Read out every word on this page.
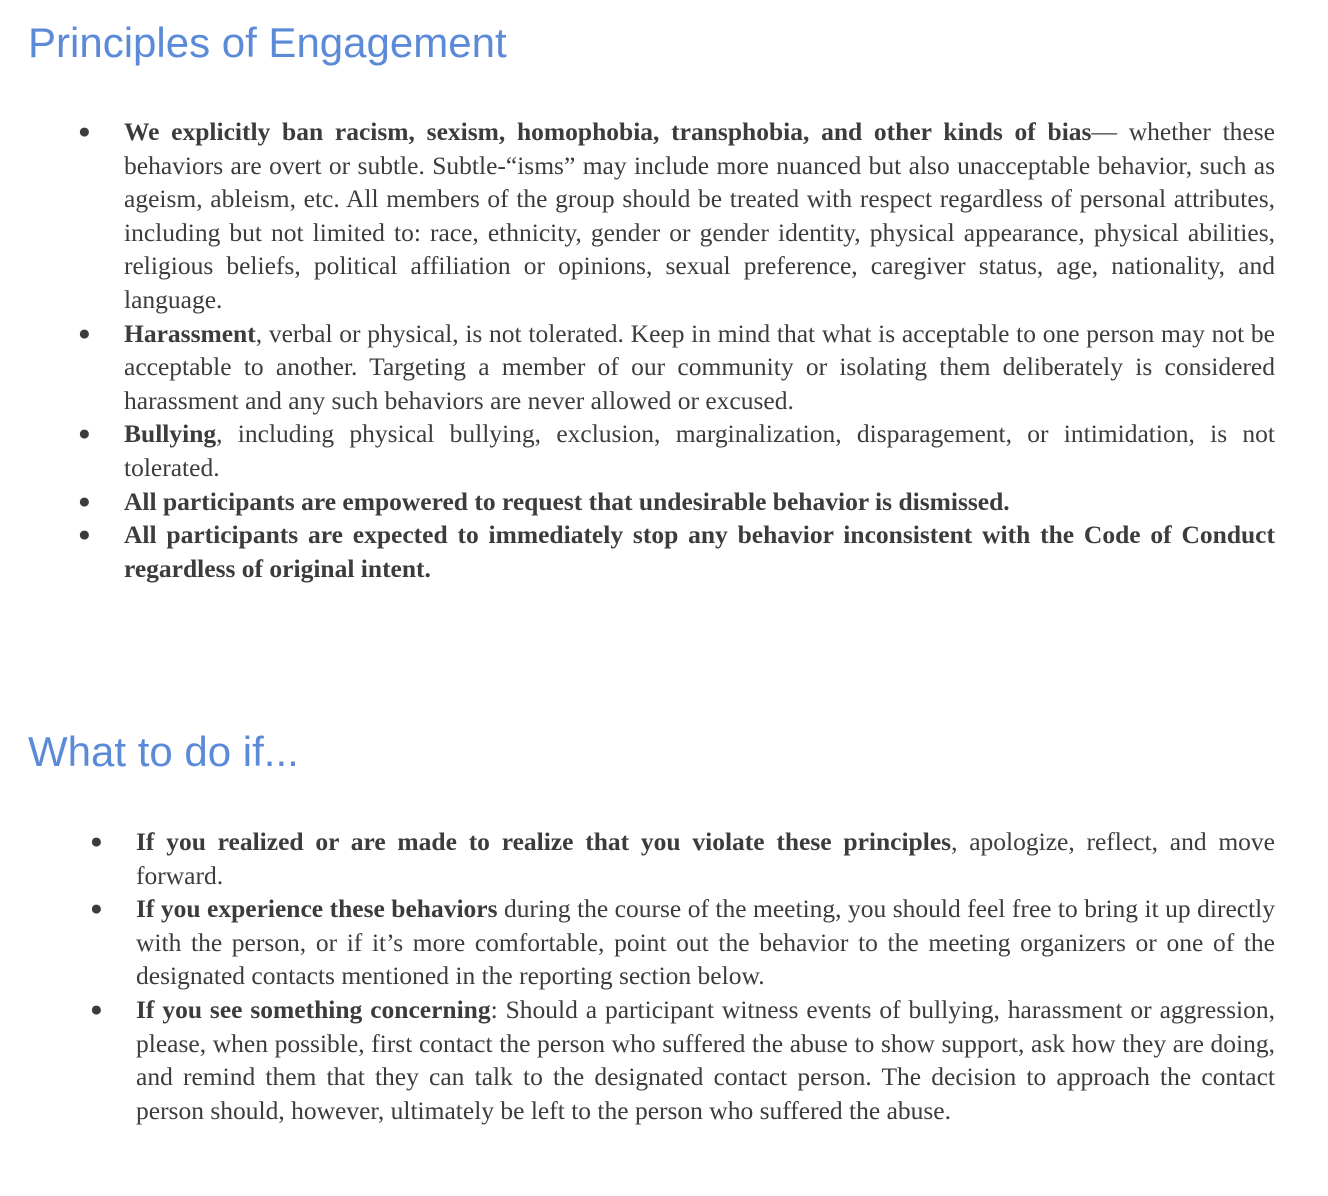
Principles of Engagement
● We explicitly ban racism, sexism, homophobia, transphobia, and other kinds of bias— whether these behaviors are overt or subtle. Subtle-“isms” may include more nuanced but also unacceptable behavior, such as ageism, ableism, etc. All members of the group should be treated with respect regardless of personal attributes, including but not limited to: race, ethnicity, gender or gender identity, physical appearance, physical abilities, religious beliefs, political affiliation or opinions, sexual preference, caregiver status, age, nationality, and language.
● Harassment, verbal or physical, is not tolerated. Keep in mind that what is acceptable to one person may not be acceptable to another. Targeting a member of our community or isolating them deliberately is considered harassment and any such behaviors are never allowed or excused.
● Bullying, including physical bullying, exclusion, marginalization, disparagement, or intimidation, is not tolerated.
● All participants are empowered to request that undesirable behavior is dismissed.
● All participants are expected to immediately stop any behavior inconsistent with the Code of Conduct regardless of original intent.
What to do if...
● If you realized or are made to realize that you violate these principles, apologize, reflect, and move forward.
● If you experience these behaviors during the course of the meeting, you should feel free to bring it up directly with the person, or if it’s more comfortable, point out the behavior to the meeting organizers or one of the designated contacts mentioned in the reporting section below.
● If you see something concerning: Should a participant witness events of bullying, harassment or aggression, please, when possible, first contact the person who suffered the abuse to show support, ask how they are doing, and remind them that they can talk to the designated contact person. The decision to approach the contact person should, however, ultimately be left to the person who suffered the abuse.
